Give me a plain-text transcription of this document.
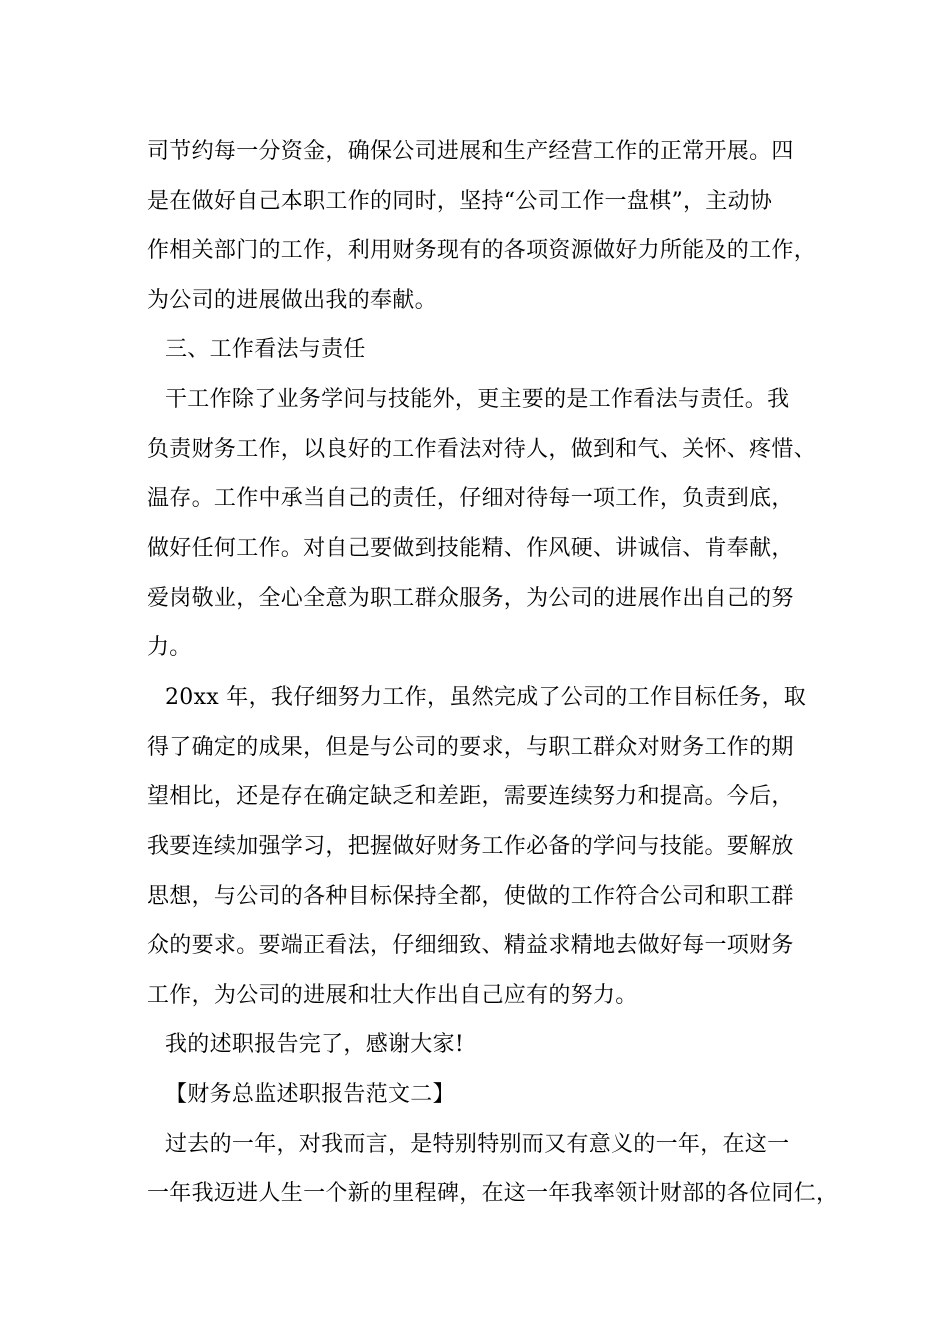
司节约每一分资金，确保公司进展和生产经营工作的正常开展。四
是在做好自己本职工作的同时，坚持“公司工作一盘棋”，主动协
作相关部门的工作，利用财务现有的各项资源做好力所能及的工作，
为公司的进展做出我的奉献。
三、工作看法与责任
干工作除了业务学问与技能外，更主要的是工作看法与责任。我
负责财务工作，以良好的工作看法对待人，做到和气、关怀、疼惜、
温存。工作中承当自己的责任，仔细对待每一项工作，负责到底，
做好任何工作。对自己要做到技能精、作风硬、讲诚信、肯奉献，
爱岗敬业，全心全意为职工群众服务，为公司的进展作出自己的努
力。
20xx 年，我仔细努力工作，虽然完成了公司的工作目标任务，取
得了确定的成果，但是与公司的要求，与职工群众对财务工作的期
望相比，还是存在确定缺乏和差距，需要连续努力和提高。今后，
我要连续加强学习，把握做好财务工作必备的学问与技能。要解放
思想，与公司的各种目标保持全都，使做的工作符合公司和职工群
众的要求。要端正看法，仔细细致、精益求精地去做好每一项财务
工作，为公司的进展和壮大作出自己应有的努力。
我的述职报告完了，感谢大家!
【财务总监述职报告范文二】
过去的一年，对我而言，是特别特别而又有意义的一年，在这一
一年我迈进人生一个新的里程碑，在这一年我率领计财部的各位同仁，
